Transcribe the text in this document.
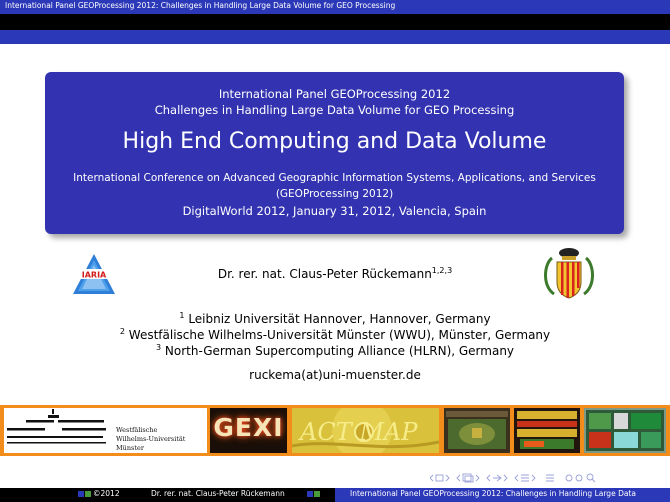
International Panel GEOProcessing 2012: Challenges in Handling Large Data Volume for GEO Processing
International Panel GEOProcessing 2012
Challenges in Handling Large Data Volume for GEO Processing
High End Computing and Data Volume
International Conference on Advanced Geographic Information Systems, Applications, and Services (GEOProcessing 2012)
DigitalWorld 2012, January 31, 2012, Valencia, Spain
IARIA	Dr. rer. nat. Claus-Peter Rückemann$^{1,2,3}$
$^1$ Leibniz Universität Hannover, Hannover, Germany
$^2$ Westfälische Wilhelms-Universität Münster (WWU), Münster, Germany
$^3$ North-German Supercomputing Alliance (HLRN), Germany
ruckema(at)uni-muenster.de
Westfälische
Wilhelms-Universität
Münster
GEXI ACT MAP
©2012	Dr. rer. nat. Claus-Peter Rückemann	International Panel GEOProcessing 2012: Challenges in Handling Large Data
